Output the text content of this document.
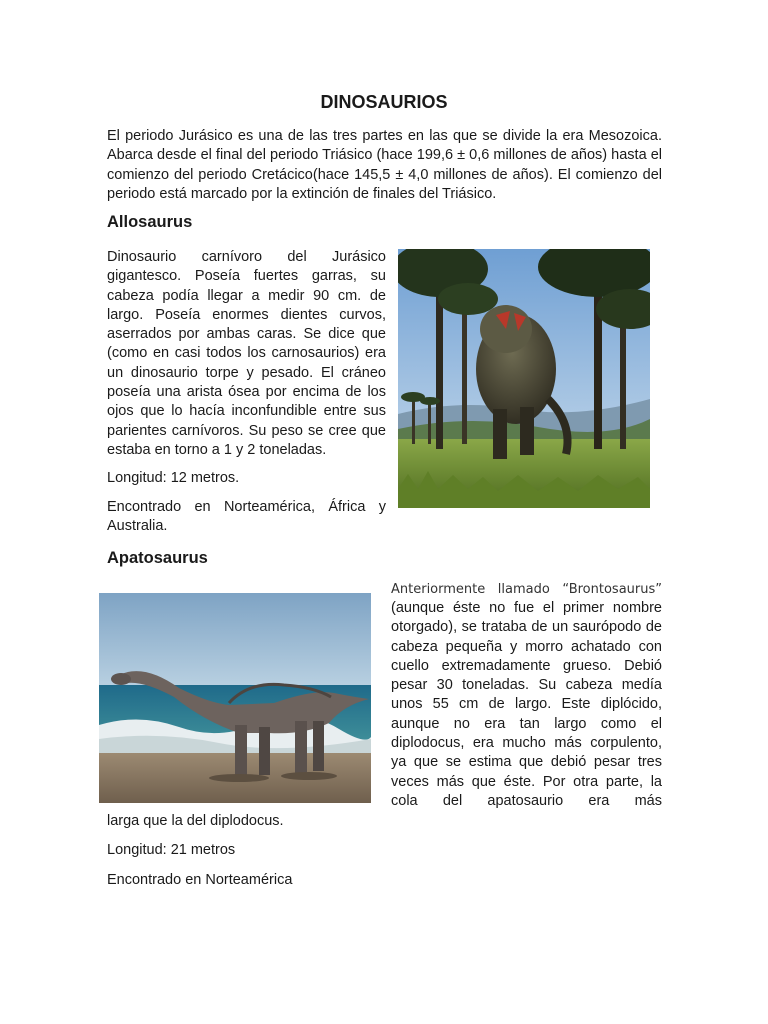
DINOSAURIOS

El periodo Jurásico es una de las tres partes en las que se divide la era Mesozoica. Abarca desde el final del periodo Triásico (hace 199,6 ± 0,6 millones de años) hasta el comienzo del periodo Cretácico(hace 145,5 ± 4,0 millones de años). El comienzo del periodo está marcado por la extinción de finales del Triásico.

Allosaurus

Dinosaurio carnívoro del Jurásico gigantesco. Poseía fuertes garras, su cabeza podía llegar a medir 90 cm. de largo. Poseía enormes dientes curvos, aserrados por ambas caras. Se dice que (como en casi todos los carnosaurios) era un dinosaurio torpe y pesado. El cráneo poseía una arista ósea por encima de los ojos que lo hacía inconfundible entre sus parientes carnívoros. Su peso se cree que estaba en torno a 1 y 2 toneladas.

Longitud: 12 metros.

Encontrado en Norteamérica, África y Australia.

Apatosaurus

Anteriormente llamado “Brontosaurus”

(aunque éste no fue el primer nombre otorgado), se trataba de un saurópodo de cabeza pequeña y morro achatado con cuello extremadamente grueso. Debió pesar 30 toneladas. Su cabeza medía unos 55 cm de largo. Este diplócido, aunque no era tan largo como el diplodocus, era mucho más corpulento, ya que se estima que debió pesar tres veces más que éste. Por otra parte, la cola del apatosaurio era más

larga que la del diplodocus.

Longitud: 21 metros

Encontrado en Norteamérica
